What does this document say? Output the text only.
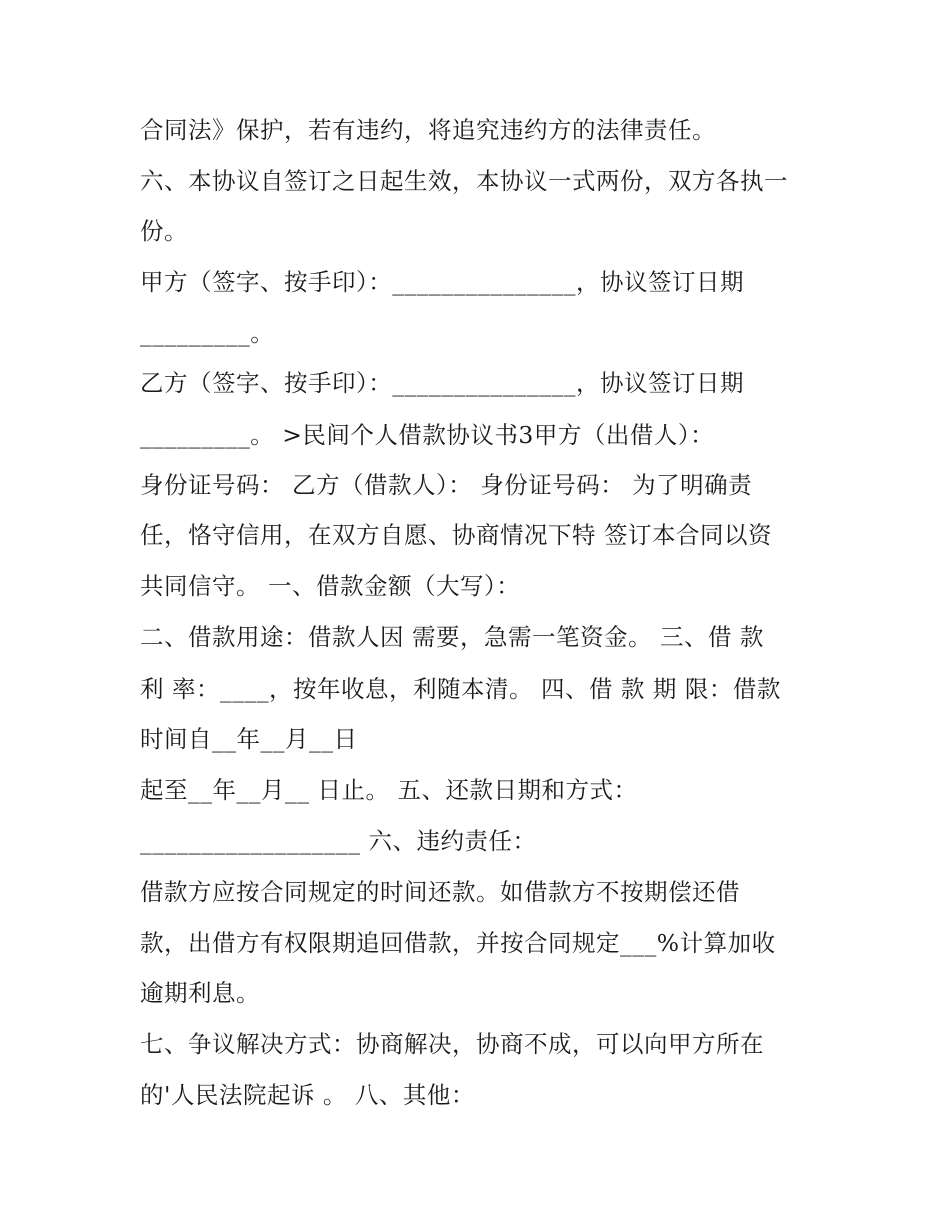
合同法》保护，若有违约，将追究违约方的法律责任。
六、本协议自签订之日起生效，本协议一式两份，双方各执一
份。
甲方（签字、按手印）：_______________，协议签订日期
_________。
乙方（签字、按手印）：_______________，协议签订日期
_________。 >民间个人借款协议书3甲方（出借人）：
身份证号码： 乙方（借款人）： 身份证号码： 为了明确责
任，恪守信用，在双方自愿、协商情况下特 签订本合同以资
共同信守。 一、借款金额（大写）：
二、借款用途：借款人因 需要，急需一笔资金。 三、借 款
利 率：____，按年收息，利随本清。 四、借 款 期 限：借款
时间自__年__月__日
起至__年__月__ 日止。 五、还款日期和方式：
__________________ 六、违约责任：
借款方应按合同规定的时间还款。如借款方不按期偿还借
款，出借方有权限期追回借款，并按合同规定___%计算加收
逾期利息。
七、争议解决方式：协商解决，协商不成，可以向甲方所在
的'人民法院起诉 。 八、其他：
